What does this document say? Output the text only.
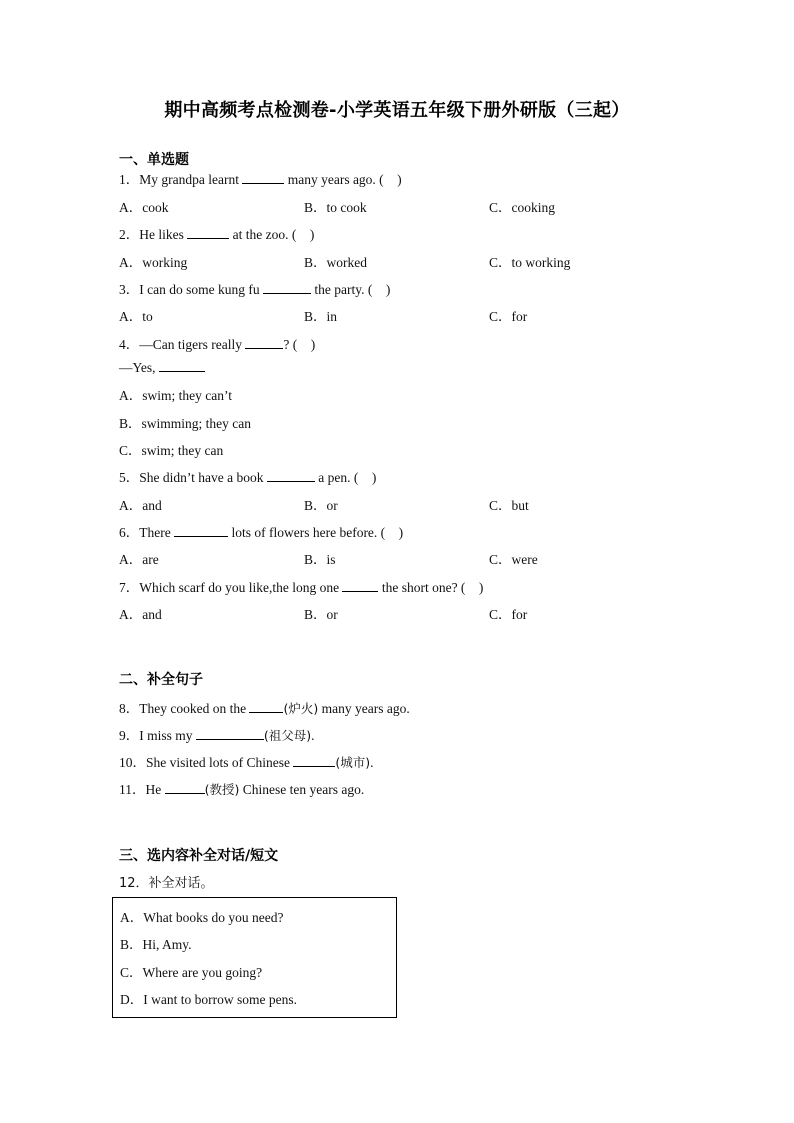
期中高频考点检测卷-小学英语五年级下册外研版（三起）
一、单选题
1．My grandpa learnt	many years ago. (　)
A．cook	B．to cook	C．cooking
2．He likes	at the zoo. (　)
A．working	B．worked	C．to working
3．I can do some kung fu	the party. (　)
A．to	B．in	C．for
4．—Can tigers really	? (　)
—Yes,
A．swim; they can’t
B．swimming; they can
C．swim; they can
5．She didn’t have a book	a pen. (　)
A．and	B．or	C．but
6．There	lots of flowers here before. (　)
A．are	B．is	C．were
7．Which scarf do you like,the long one	the short one? (　)
A．and	B．or	C．for
二、补全句子
8．They cooked on the	(炉火) many years ago.
9．I miss my	(祖父母).
10．She visited lots of Chinese	(城市).
11．He	(教授) Chinese ten years ago.
三、选内容补全对话/短文
12．补全对话。
A．What books do you need?
B．Hi, Amy.
C．Where are you going?
D．I want to borrow some pens.
